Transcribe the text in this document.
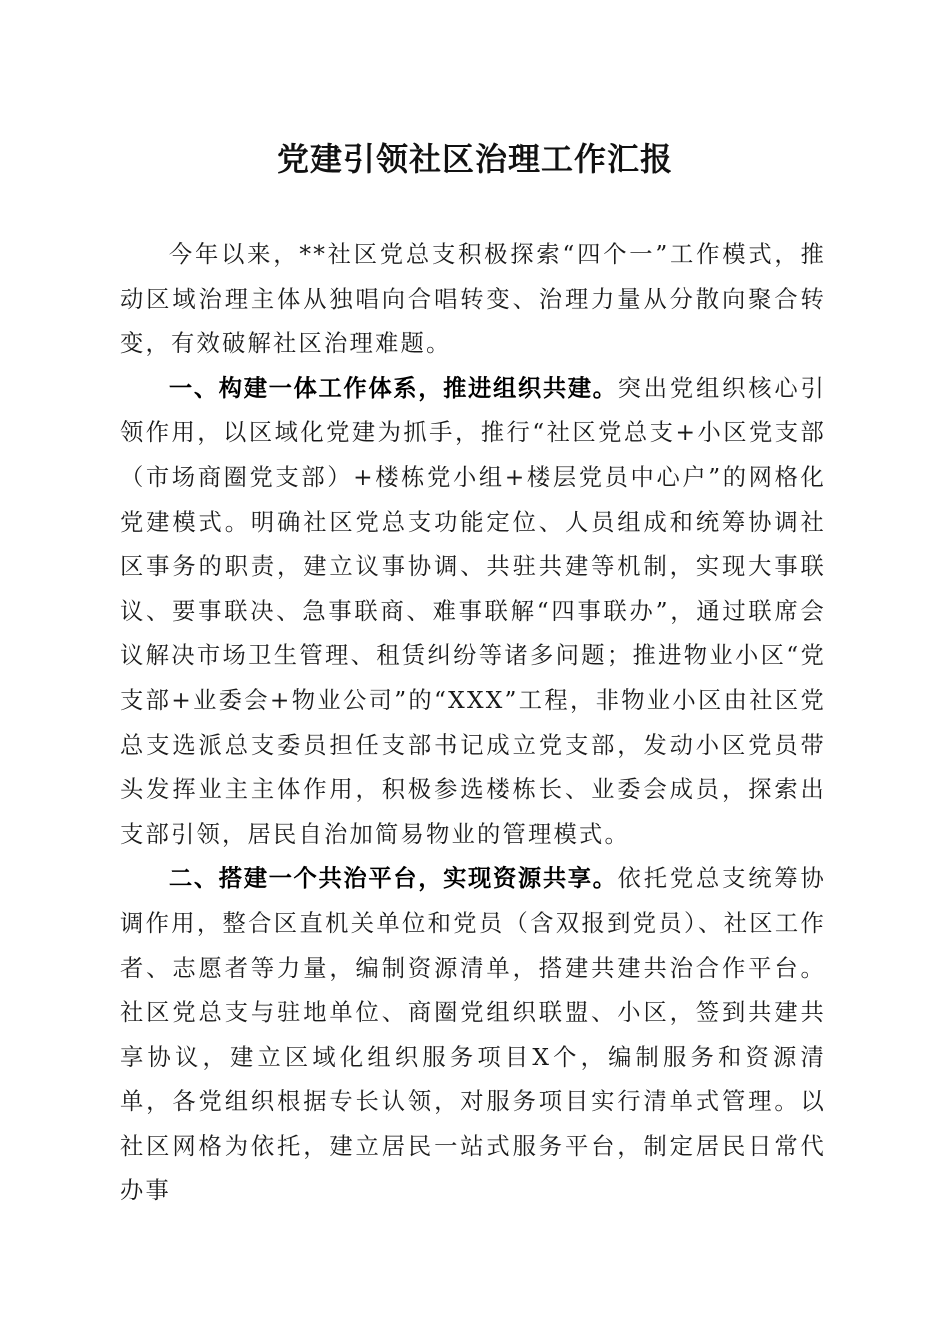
党建引领社区治理工作汇报

今年以来，**社区党总支积极探索“四个一”工作模式，推动区域治理主体从独唱向合唱转变、治理力量从分散向聚合转变，有效破解社区治理难题。

一、构建一体工作体系，推进组织共建。突出党组织核心引领作用，以区域化党建为抓手，推行“社区党总支+小区党支部（市场商圈党支部）+楼栋党小组+楼层党员中心户”的网格化党建模式。明确社区党总支功能定位、人员组成和统筹协调社区事务的职责，建立议事协调、共驻共建等机制，实现大事联议、要事联决、急事联商、难事联解“四事联办”，通过联席会议解决市场卫生管理、租赁纠纷等诸多问题；推进物业小区“党支部+业委会+物业公司”的“XXX”工程，非物业小区由社区党总支选派总支委员担任支部书记成立党支部，发动小区党员带头发挥业主主体作用，积极参选楼栋长、业委会成员，探索出支部引领，居民自治加简易物业的管理模式。

二、搭建一个共治平台，实现资源共享。依托党总支统筹协调作用，整合区直机关单位和党员（含双报到党员）、社区工作者、志愿者等力量，编制资源清单，搭建共建共治合作平台。社区党总支与驻地单位、商圈党组织联盟、小区，签到共建共享协议，建立区域化组织服务项目X个，编制服务和资源清单，各党组织根据专长认领，对服务项目实行清单式管理。以社区网格为依托，建立居民一站式服务平台，制定居民日常代办事
